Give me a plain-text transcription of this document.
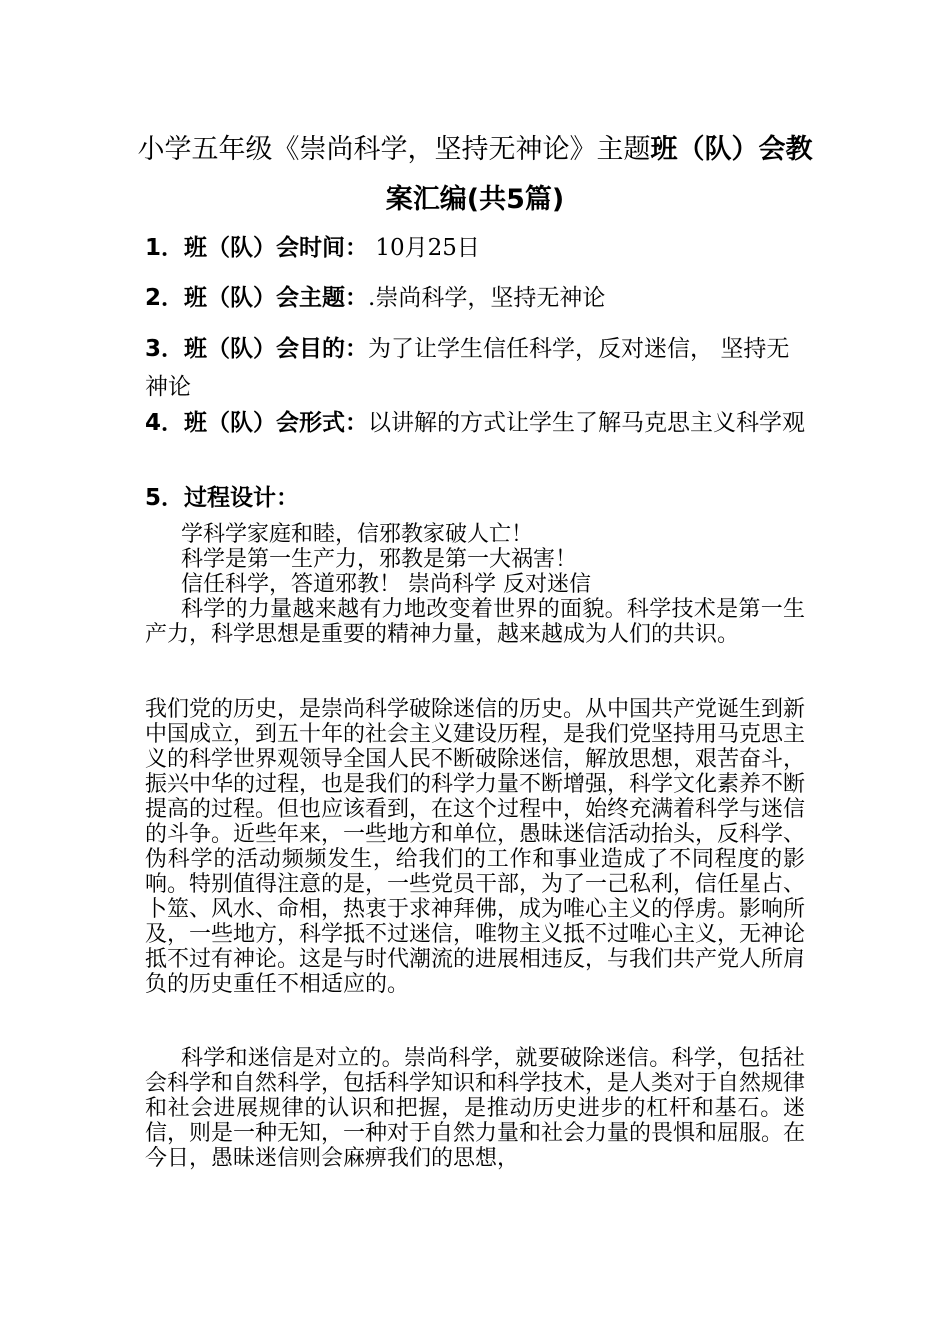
小学五年级《崇尚科学，坚持无神论》主题班（队）会教
案汇编(共5篇)
1．班（队）会时间： 10月25日
2．班（队）会主题：.崇尚科学，坚持无神论
3．班（队）会目的：为了让学生信任科学，反对迷信， 坚持无神论
4．班（队）会形式：以讲解的方式让学生了解马克思主义科学观
5．过程设计：
学科学家庭和睦，信邪教家破人亡！
科学是第一生产力，邪教是第一大祸害！
信任科学，答道邪教！ 崇尚科学 反对迷信
科学的力量越来越有力地改变着世界的面貌。科学技术是第一生产力，科学思想是重要的精神力量，越来越成为人们的共识。
我们党的历史，是崇尚科学破除迷信的历史。从中国共产党诞生到新中国成立，到五十年的社会主义建设历程，是我们党坚持用马克思主义的科学世界观领导全国人民不断破除迷信，解放思想，艰苦奋斗，振兴中华的过程，也是我们的科学力量不断增强，科学文化素养不断提高的过程。但也应该看到，在这个过程中，始终充满着科学与迷信的斗争。近些年来，一些地方和单位，愚昧迷信活动抬头，反科学、伪科学的活动频频发生，给我们的工作和事业造成了不同程度的影响。特别值得注意的是，一些党员干部，为了一己私利，信任星占、卜筮、风水、命相，热衷于求神拜佛，成为唯心主义的俘虏。影响所及，一些地方，科学抵不过迷信，唯物主义抵不过唯心主义，无神论抵不过有神论。这是与时代潮流的进展相违反，与我们共产党人所肩负的历史重任不相适应的。
科学和迷信是对立的。崇尚科学，就要破除迷信。科学，包括社会科学和自然科学，包括科学知识和科学技术，是人类对于自然规律和社会进展规律的认识和把握，是推动历史进步的杠杆和基石。迷信，则是一种无知，一种对于自然力量和社会力量的畏惧和屈服。在今日，愚昧迷信则会麻痹我们的思想，
